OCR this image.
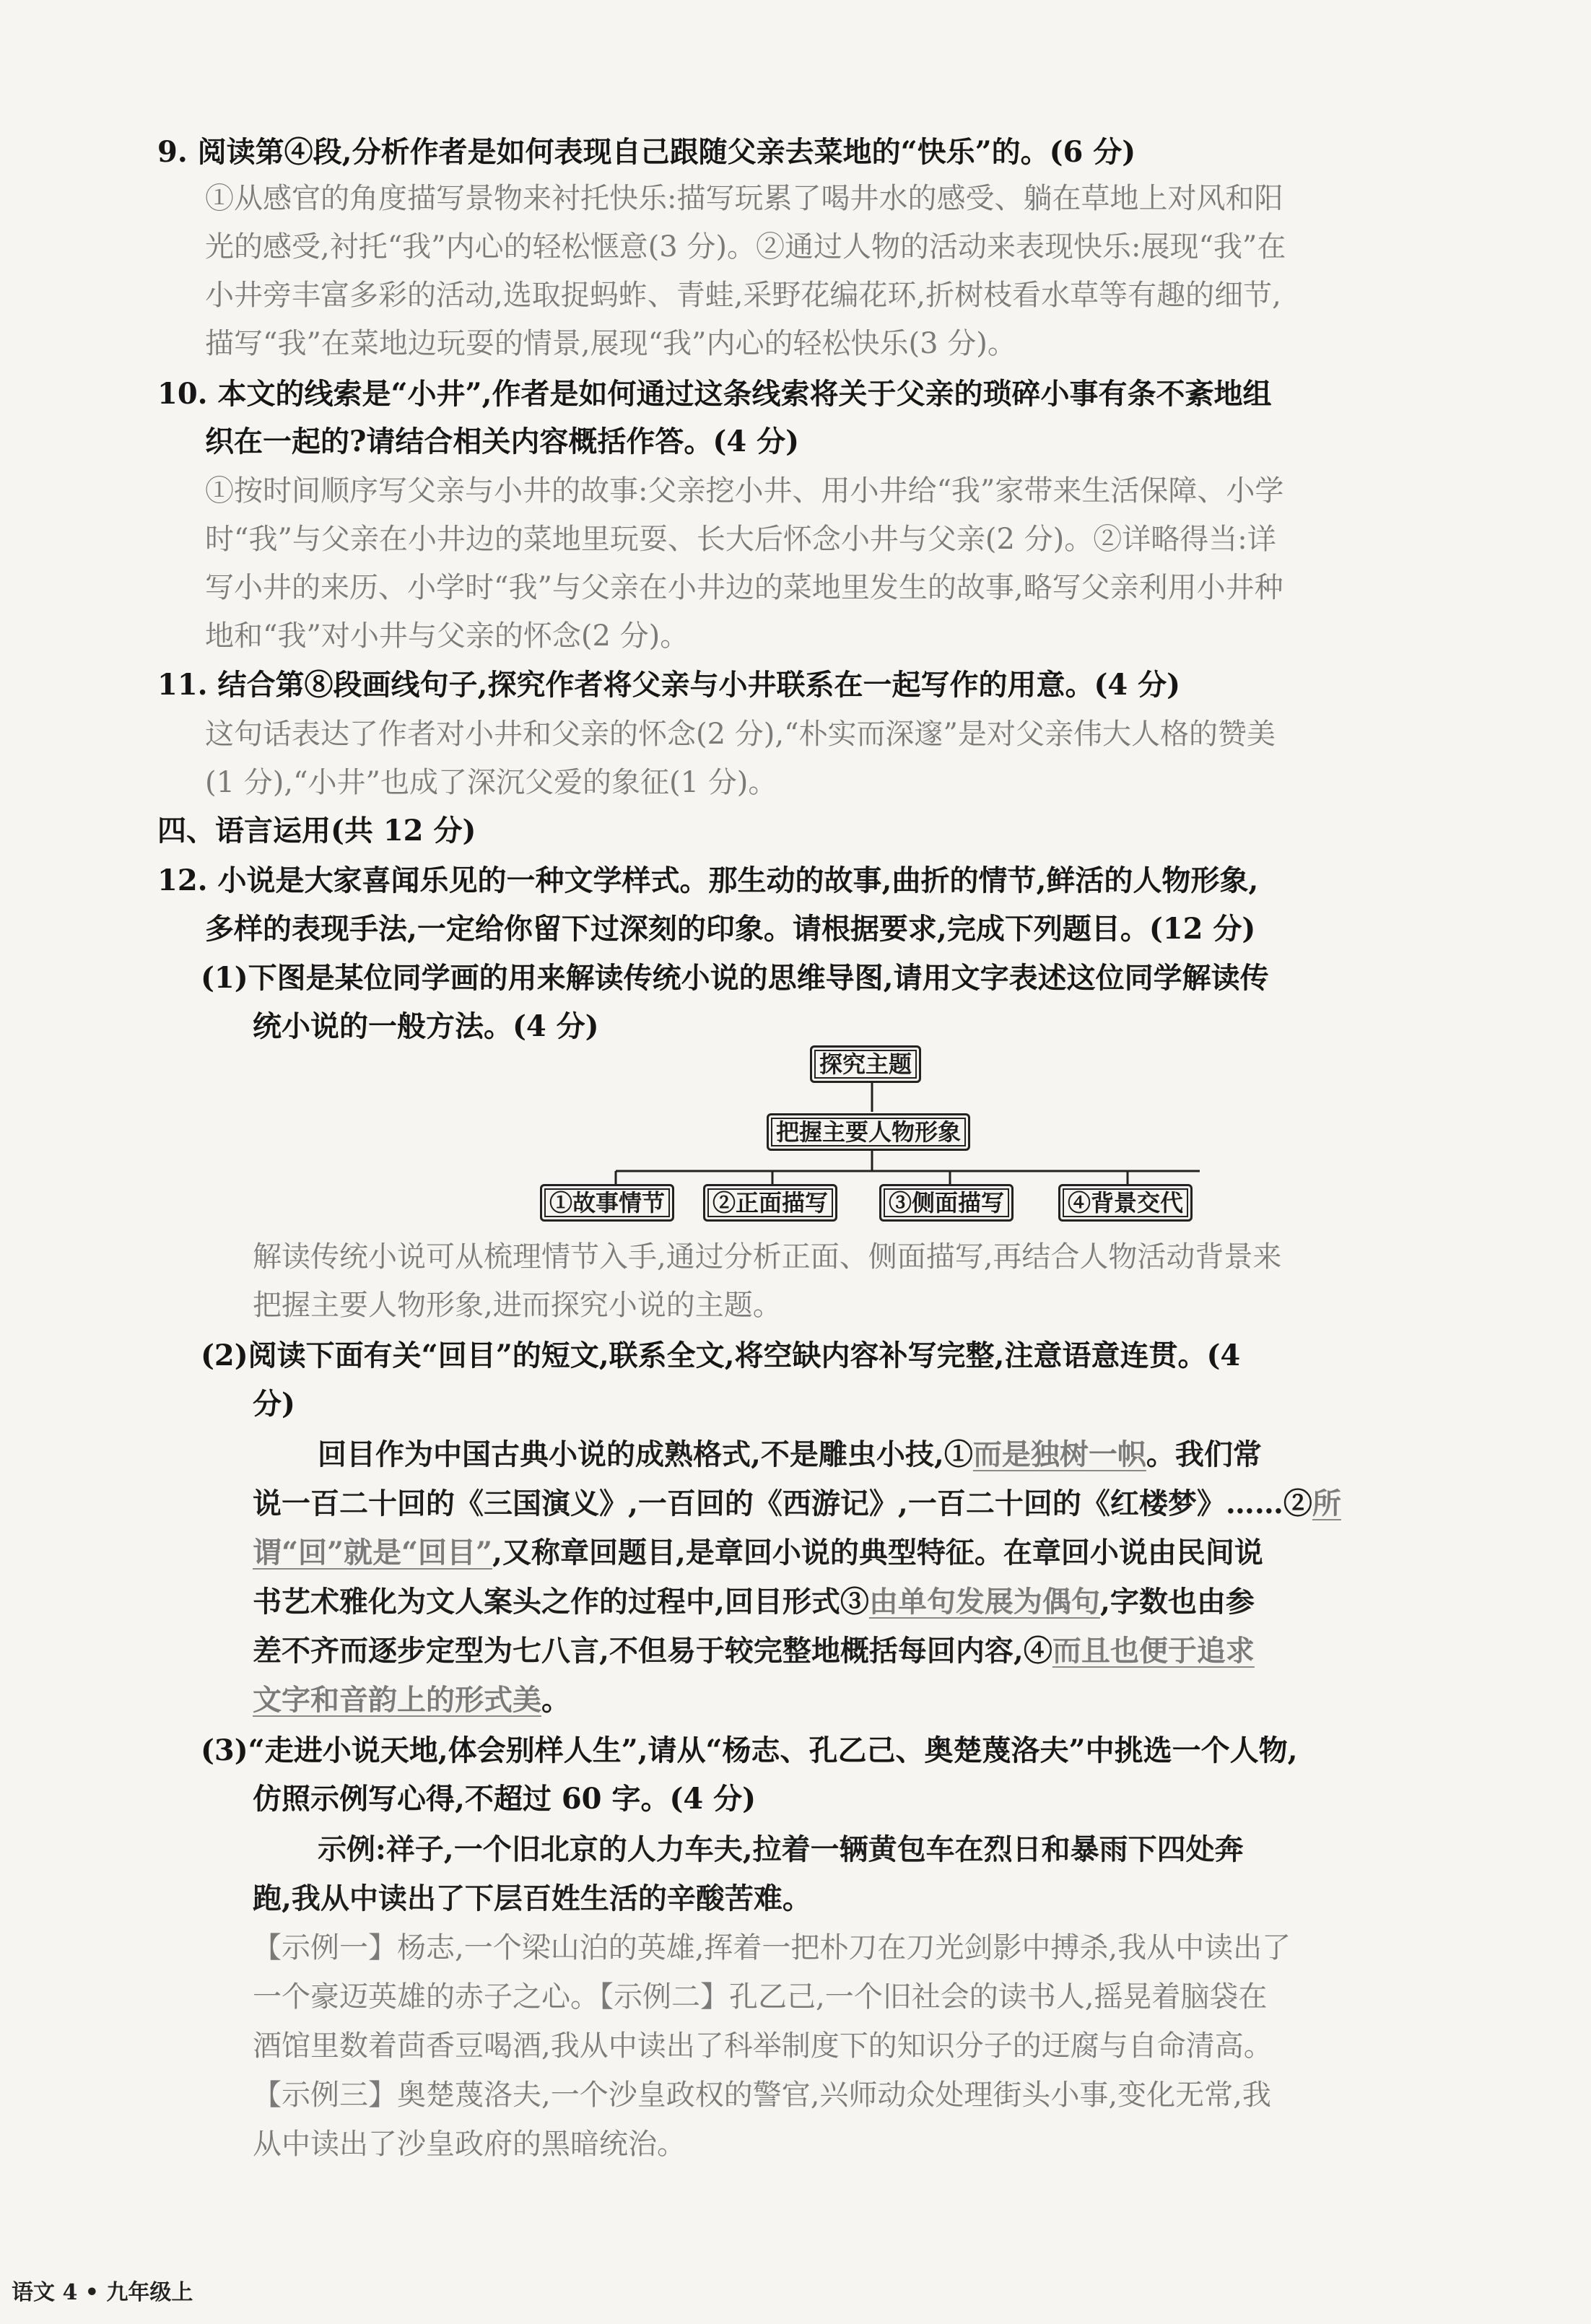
9. 阅读第④段,分析作者是如何表现自己跟随父亲去菜地的“快乐”的。(6 分)
①从感官的角度描写景物来衬托快乐:描写玩累了喝井水的感受、躺在草地上对风和阳
光的感受,衬托“我”内心的轻松惬意(3 分)。②通过人物的活动来表现快乐:展现“我”在
小井旁丰富多彩的活动,选取捉蚂蚱、青蛙,采野花编花环,折树枝看水草等有趣的细节,
描写“我”在菜地边玩耍的情景,展现“我”内心的轻松快乐(3 分)。
10. 本文的线索是“小井”,作者是如何通过这条线索将关于父亲的琐碎小事有条不紊地组
织在一起的?请结合相关内容概括作答。(4 分)
①按时间顺序写父亲与小井的故事:父亲挖小井、用小井给“我”家带来生活保障、小学
时“我”与父亲在小井边的菜地里玩耍、长大后怀念小井与父亲(2 分)。②详略得当:详
写小井的来历、小学时“我”与父亲在小井边的菜地里发生的故事,略写父亲利用小井种
地和“我”对小井与父亲的怀念(2 分)。
11. 结合第⑧段画线句子,探究作者将父亲与小井联系在一起写作的用意。(4 分)
这句话表达了作者对小井和父亲的怀念(2 分),“朴实而深邃”是对父亲伟大人格的赞美
(1 分),“小井”也成了深沉父爱的象征(1 分)。
四、语言运用(共 12 分)
12. 小说是大家喜闻乐见的一种文学样式。那生动的故事,曲折的情节,鲜活的人物形象,
多样的表现手法,一定给你留下过深刻的印象。请根据要求,完成下列题目。(12 分)
(1)下图是某位同学画的用来解读传统小说的思维导图,请用文字表述这位同学解读传
统小说的一般方法。(4 分)
探究主题
把握主要人物形象
①故事情节	②正面描写	③侧面描写	④背景交代
解读传统小说可从梳理情节入手,通过分析正面、侧面描写,再结合人物活动背景来
把握主要人物形象,进而探究小说的主题。
(2)阅读下面有关“回目”的短文,联系全文,将空缺内容补写完整,注意语意连贯。(4
分)
回目作为中国古典小说的成熟格式,不是雕虫小技,①而是独树一帜。我们常
说一百二十回的《三国演义》,一百回的《西游记》,一百二十回的《红楼梦》……②所
谓“回”就是“回目”,又称章回题目,是章回小说的典型特征。在章回小说由民间说
书艺术雅化为文人案头之作的过程中,回目形式③由单句发展为偶句,字数也由参
差不齐而逐步定型为七八言,不但易于较完整地概括每回内容,④而且也便于追求
文字和音韵上的形式美。
(3)“走进小说天地,体会别样人生”,请从“杨志、孔乙己、奥楚蔑洛夫”中挑选一个人物,
仿照示例写心得,不超过 60 字。(4 分)
示例:祥子,一个旧北京的人力车夫,拉着一辆黄包车在烈日和暴雨下四处奔
跑,我从中读出了下层百姓生活的辛酸苦难。
【示例一】杨志,一个梁山泊的英雄,挥着一把朴刀在刀光剑影中搏杀,我从中读出了
一个豪迈英雄的赤子之心。【示例二】孔乙己,一个旧社会的读书人,摇晃着脑袋在
酒馆里数着茴香豆喝酒,我从中读出了科举制度下的知识分子的迂腐与自命清高。
【示例三】奥楚蔑洛夫,一个沙皇政权的警官,兴师动众处理街头小事,变化无常,我
从中读出了沙皇政府的黑暗统治。
语文 4 • 九年级上
